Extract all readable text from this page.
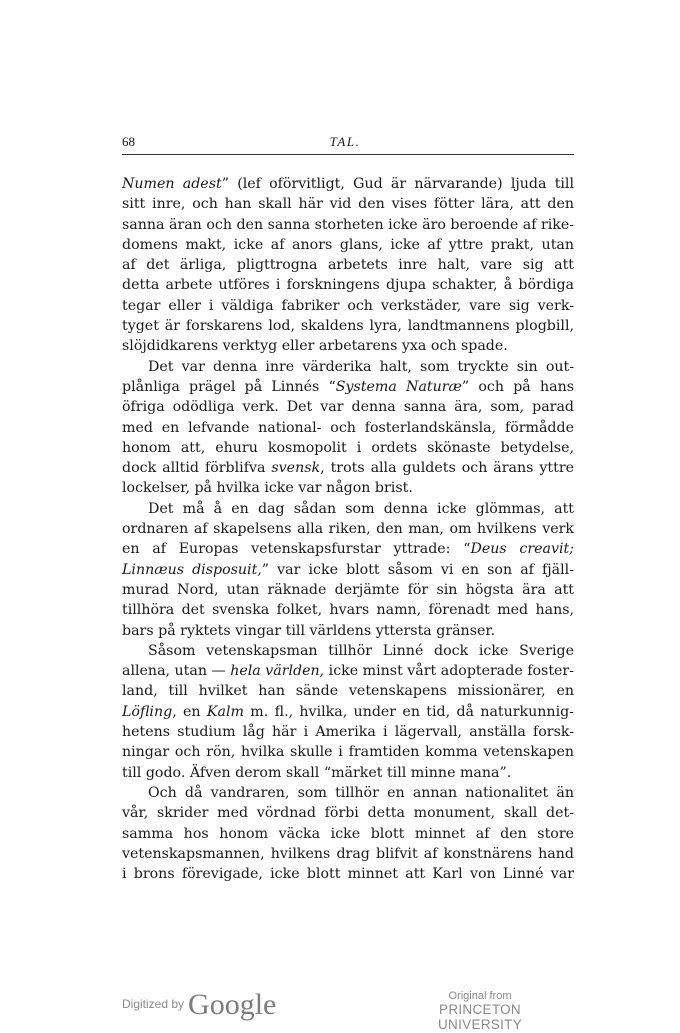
68	TAL.
Numen adest” (lef oförvitligt, Gud är närvarande) ljuda till
sitt inre, och han skall här vid den vises fötter lära, att den
sanna äran och den sanna storheten icke äro beroende af rike-
domens makt, icke af anors glans, icke af yttre prakt, utan
af det ärliga, pligttrogna arbetets inre halt, vare sig att
detta arbete utföres i forskningens djupa schakter, å bördiga
tegar eller i väldiga fabriker och verkstäder, vare sig verk-
tyget är forskarens lod, skaldens lyra, landtmannens plogbill,
slöjdidkarens verktyg eller arbetarens yxa och spade.
Det var denna inre värderika halt, som tryckte sin out-
plånliga prägel på Linnés “Systema Naturæ” och på hans
öfriga odödliga verk. Det var denna sanna ära, som, parad
med en lefvande national- och fosterlandskänsla, förmådde
honom att, ehuru kosmopolit i ordets skönaste betydelse,
dock alltid förblifva svensk, trots alla guldets och ärans yttre
lockelser, på hvilka icke var någon brist.
Det må å en dag sådan som denna icke glömmas, att
ordnaren af skapelsens alla riken, den man, om hvilkens verk
en af Europas vetenskapsfurstar yttrade: “Deus creavit;
Linnæus disposuit,” var icke blott såsom vi en son af fjäll-
murad Nord, utan räknade derjämte för sin högsta ära att
tillhöra det svenska folket, hvars namn, förenadt med hans,
bars på ryktets vingar till världens yttersta gränser.
Såsom vetenskapsman tillhör Linné dock icke Sverige
allena, utan — hela världen, icke minst vårt adopterade foster-
land, till hvilket han sände vetenskapens missionärer, en
Löfling, en Kalm m. fl., hvilka, under en tid, då naturkunnig-
hetens studium låg här i Amerika i lägervall, anställa forsk-
ningar och rön, hvilka skulle i framtiden komma vetenskapen
till godo. Äfven derom skall “märket till minne mana”.
Och då vandraren, som tillhör en annan nationalitet än
vår, skrider med vördnad förbi detta monument, skall det-
samma hos honom väcka icke blott minnet af den store
vetenskapsmannen, hvilkens drag blifvit af konstnärens hand
i brons förevigade, icke blott minnet att Karl von Linné var
$^{Digitized by}$ Google	Original from
PRINCETON UNIVERSITY
